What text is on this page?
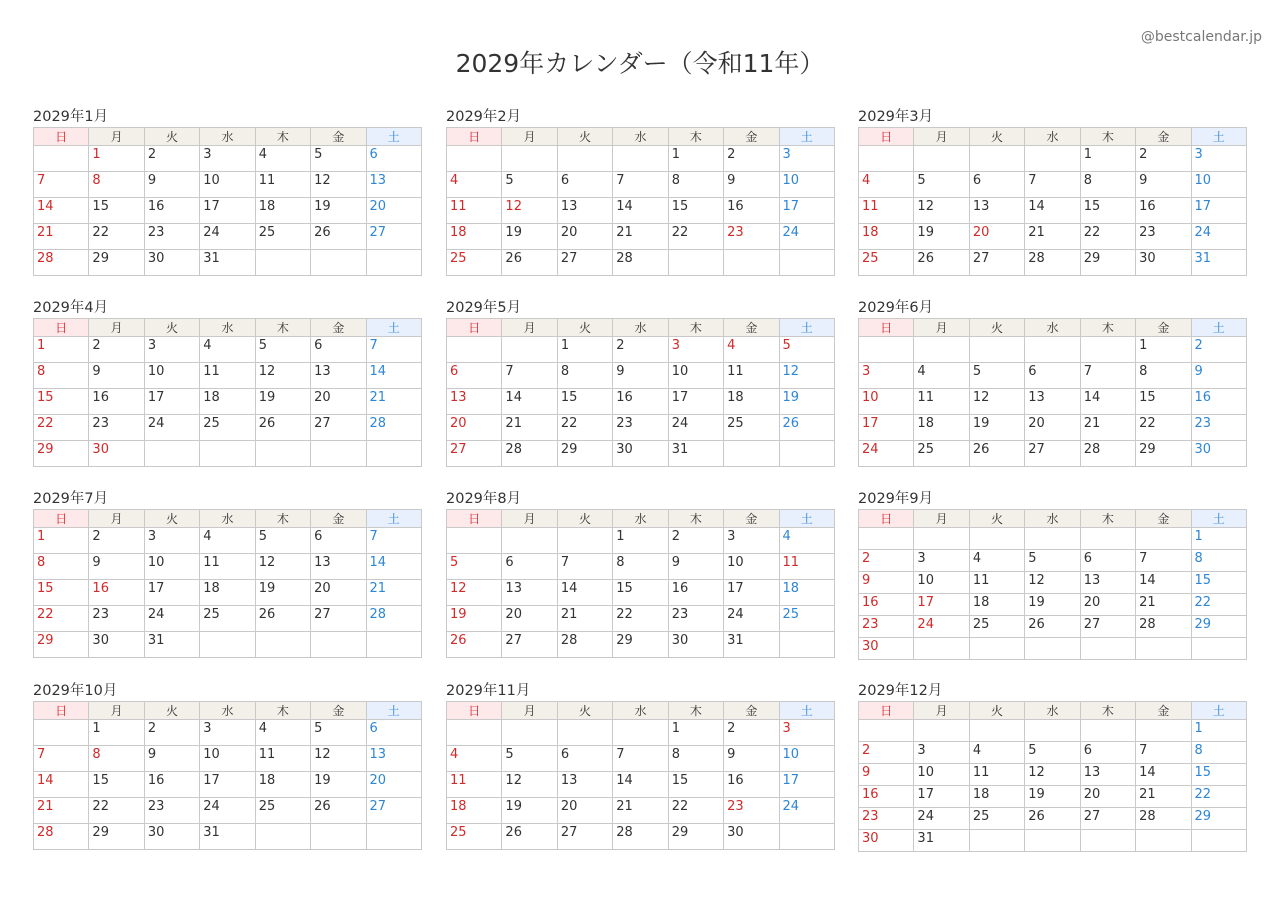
@bestcalendar.jp
2029年カレンダー（令和11年）
2029年1月
日	月	火	水	木	金	土
	1	2	3	4	5	6
7	8	9	10	11	12	13
14	15	16	17	18	19	20
21	22	23	24	25	26	27
28	29	30	31			
2029年2月
日	月	火	水	木	金	土
				1	2	3
4	5	6	7	8	9	10
11	12	13	14	15	16	17
18	19	20	21	22	23	24
25	26	27	28			
2029年3月
日	月	火	水	木	金	土
				1	2	3
4	5	6	7	8	9	10
11	12	13	14	15	16	17
18	19	20	21	22	23	24
25	26	27	28	29	30	31
2029年4月
日	月	火	水	木	金	土
1	2	3	4	5	6	7
8	9	10	11	12	13	14
15	16	17	18	19	20	21
22	23	24	25	26	27	28
29	30					
2029年5月
日	月	火	水	木	金	土
		1	2	3	4	5
6	7	8	9	10	11	12
13	14	15	16	17	18	19
20	21	22	23	24	25	26
27	28	29	30	31		
2029年6月
日	月	火	水	木	金	土
					1	2
3	4	5	6	7	8	9
10	11	12	13	14	15	16
17	18	19	20	21	22	23
24	25	26	27	28	29	30
2029年7月
日	月	火	水	木	金	土
1	2	3	4	5	6	7
8	9	10	11	12	13	14
15	16	17	18	19	20	21
22	23	24	25	26	27	28
29	30	31				
2029年8月
日	月	火	水	木	金	土
			1	2	3	4
5	6	7	8	9	10	11
12	13	14	15	16	17	18
19	20	21	22	23	24	25
26	27	28	29	30	31	
2029年9月
日	月	火	水	木	金	土
						1
2	3	4	5	6	7	8
9	10	11	12	13	14	15
16	17	18	19	20	21	22
23	24	25	26	27	28	29
30						
2029年10月
日	月	火	水	木	金	土
	1	2	3	4	5	6
7	8	9	10	11	12	13
14	15	16	17	18	19	20
21	22	23	24	25	26	27
28	29	30	31			
2029年11月
日	月	火	水	木	金	土
				1	2	3
4	5	6	7	8	9	10
11	12	13	14	15	16	17
18	19	20	21	22	23	24
25	26	27	28	29	30	
2029年12月
日	月	火	水	木	金	土
						1
2	3	4	5	6	7	8
9	10	11	12	13	14	15
16	17	18	19	20	21	22
23	24	25	26	27	28	29
30	31					
